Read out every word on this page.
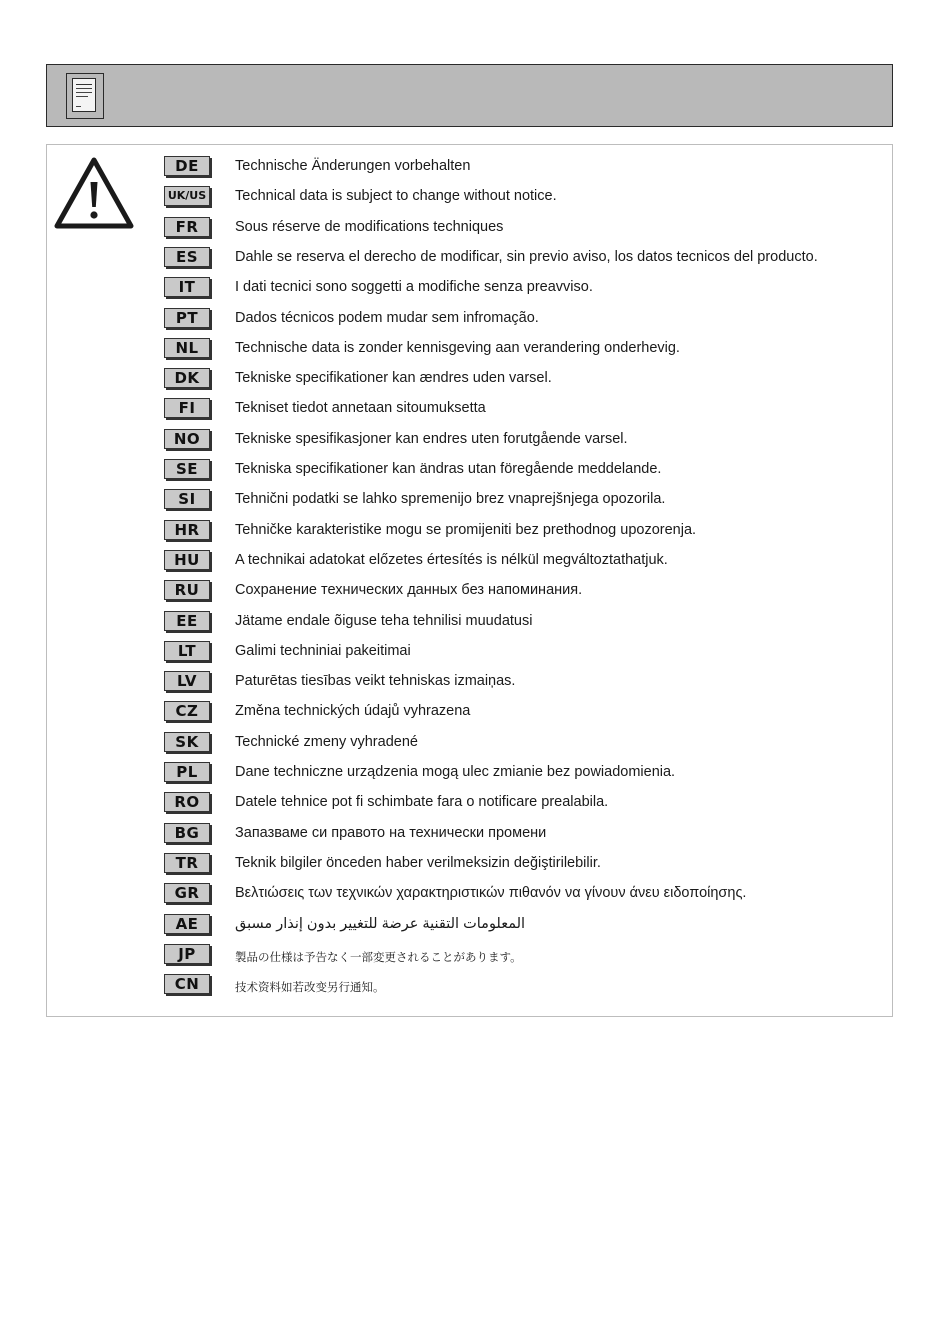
DE	Technische Änderungen vorbehalten
UK/US Technical data is subject to change without notice.
FR	Sous réserve de modifications techniques
ES	Dahle se reserva el derecho de modificar, sin previo aviso, los datos tecnicos del producto.
IT	I dati tecnici sono soggetti a modifiche senza preavviso.
PT	Dados técnicos podem mudar sem infromação.
NL	Technische data is zonder kennisgeving aan verandering onderhevig.
DK	Tekniske specifikationer kan ændres uden varsel.
FI	Tekniset tiedot annetaan sitoumuksetta
NO	Tekniske spesifikasjoner kan endres uten forutgående varsel.
SE	Tekniska specifikationer kan ändras utan föregående meddelande.
SI	Tehnični podatki se lahko spremenijo brez vnaprejšnjega opozorila.
HR	Tehničke karakteristike mogu se promijeniti bez prethodnog upozorenja.
HU	A technikai adatokat előzetes értesítés is nélkül megváltoztathatjuk.
RU	Сохранение технических данных без напоминания.
EE	Jätame endale õiguse teha tehnilisi muudatusi
LT	Galimi techniniai pakeitimai
LV	Paturētas tiesības veikt tehniskas izmaiņas.
CZ	Změna technických údajů vyhrazena
SK	Technické zmeny vyhradené
PL	Dane techniczne urządzenia mogą ulec zmianie bez powiadomienia.
RO	Datele tehnice pot fi schimbate fara o notificare prealabila.
BG	Запазваме си правото на технически промени
TR	Teknik bilgiler önceden haber verilmeksizin değiştirilebilir.
GR	Βελτιώσεις των τεχνικών χαρακτηριστικών πιθανόν να γίνουν άνευ ειδοποίησης.
AE	المعلومات التقنية عرضة للتغيير بدون إنذار مسبق
JP	製品の仕様は予告なく一部変更されることがあります。
CN	技术资料如若改变另行通知。
